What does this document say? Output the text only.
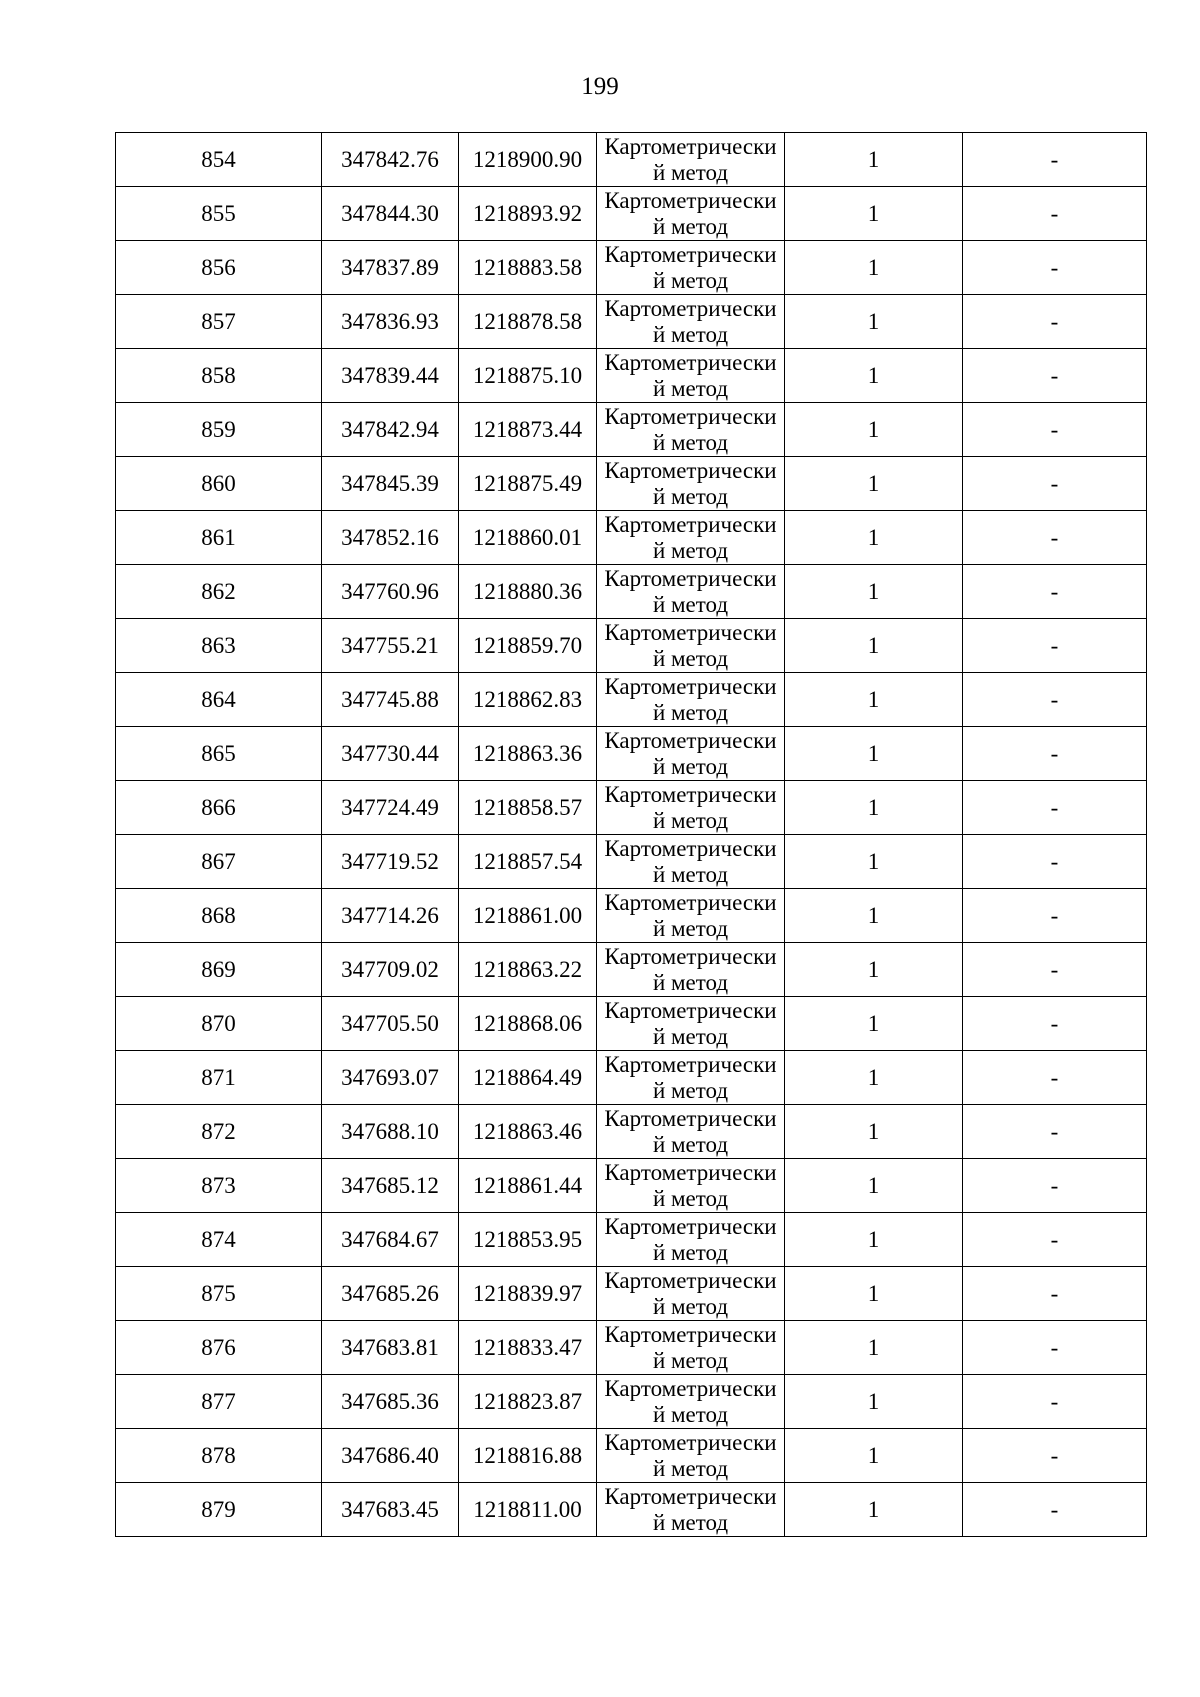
199
854	347842.76	1218900.90	Картометрически
й метод	1	-
855	347844.30	1218893.92	Картометрически
й метод	1	-
856	347837.89	1218883.58	Картометрически
й метод	1	-
857	347836.93	1218878.58	Картометрически
й метод	1	-
858	347839.44	1218875.10	Картометрически
й метод	1	-
859	347842.94	1218873.44	Картометрически
й метод	1	-
860	347845.39	1218875.49	Картометрически
й метод	1	-
861	347852.16	1218860.01	Картометрически
й метод	1	-
862	347760.96	1218880.36	Картометрически
й метод	1	-
863	347755.21	1218859.70	Картометрически
й метод	1	-
864	347745.88	1218862.83	Картометрически
й метод	1	-
865	347730.44	1218863.36	Картометрически
й метод	1	-
866	347724.49	1218858.57	Картометрически
й метод	1	-
867	347719.52	1218857.54	Картометрически
й метод	1	-
868	347714.26	1218861.00	Картометрически
й метод	1	-
869	347709.02	1218863.22	Картометрически
й метод	1	-
870	347705.50	1218868.06	Картометрически
й метод	1	-
871	347693.07	1218864.49	Картометрически
й метод	1	-
872	347688.10	1218863.46	Картометрически
й метод	1	-
873	347685.12	1218861.44	Картометрически
й метод	1	-
874	347684.67	1218853.95	Картометрически
й метод	1	-
875	347685.26	1218839.97	Картометрически
й метод	1	-
876	347683.81	1218833.47	Картометрически
й метод	1	-
877	347685.36	1218823.87	Картометрически
й метод	1	-
878	347686.40	1218816.88	Картометрически
й метод	1	-
879	347683.45	1218811.00	Картометрически
й метод	1	-
